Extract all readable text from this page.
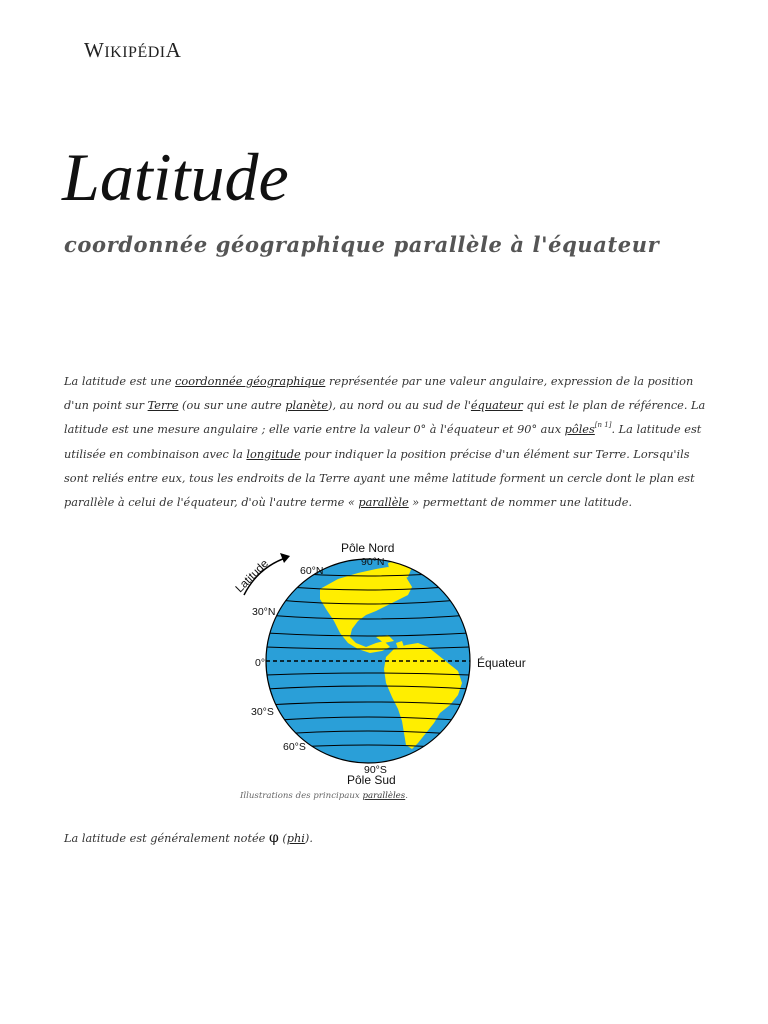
WIKIPÉDIA
Latitude
coordonnée géographique parallèle à l'équateur

La latitude est une coordonnée géographique représentée par une valeur angulaire, expression de la position d'un point sur Terre (ou sur une autre planète), au nord ou au sud de l'équateur qui est le plan de référence. La latitude est une mesure angulaire ; elle varie entre la valeur 0° à l'équateur et 90° aux pôles[n 1]. La latitude est utilisée en combinaison avec la longitude pour indiquer la position précise d'un élément sur Terre. Lorsqu'ils sont reliés entre eux, tous les endroits de la Terre ayant une même latitude forment un cercle dont le plan est parallèle à celui de l'équateur, d'où l'autre terme « parallèle » permettant de nommer une latitude.

Latitude
Pôle Nord
90°N
60°N
30°N
0°	Équateur
30°S
60°S
90°S
Pôle Sud

Illustrations des principaux parallèles.

La latitude est généralement notée φ (phi).
